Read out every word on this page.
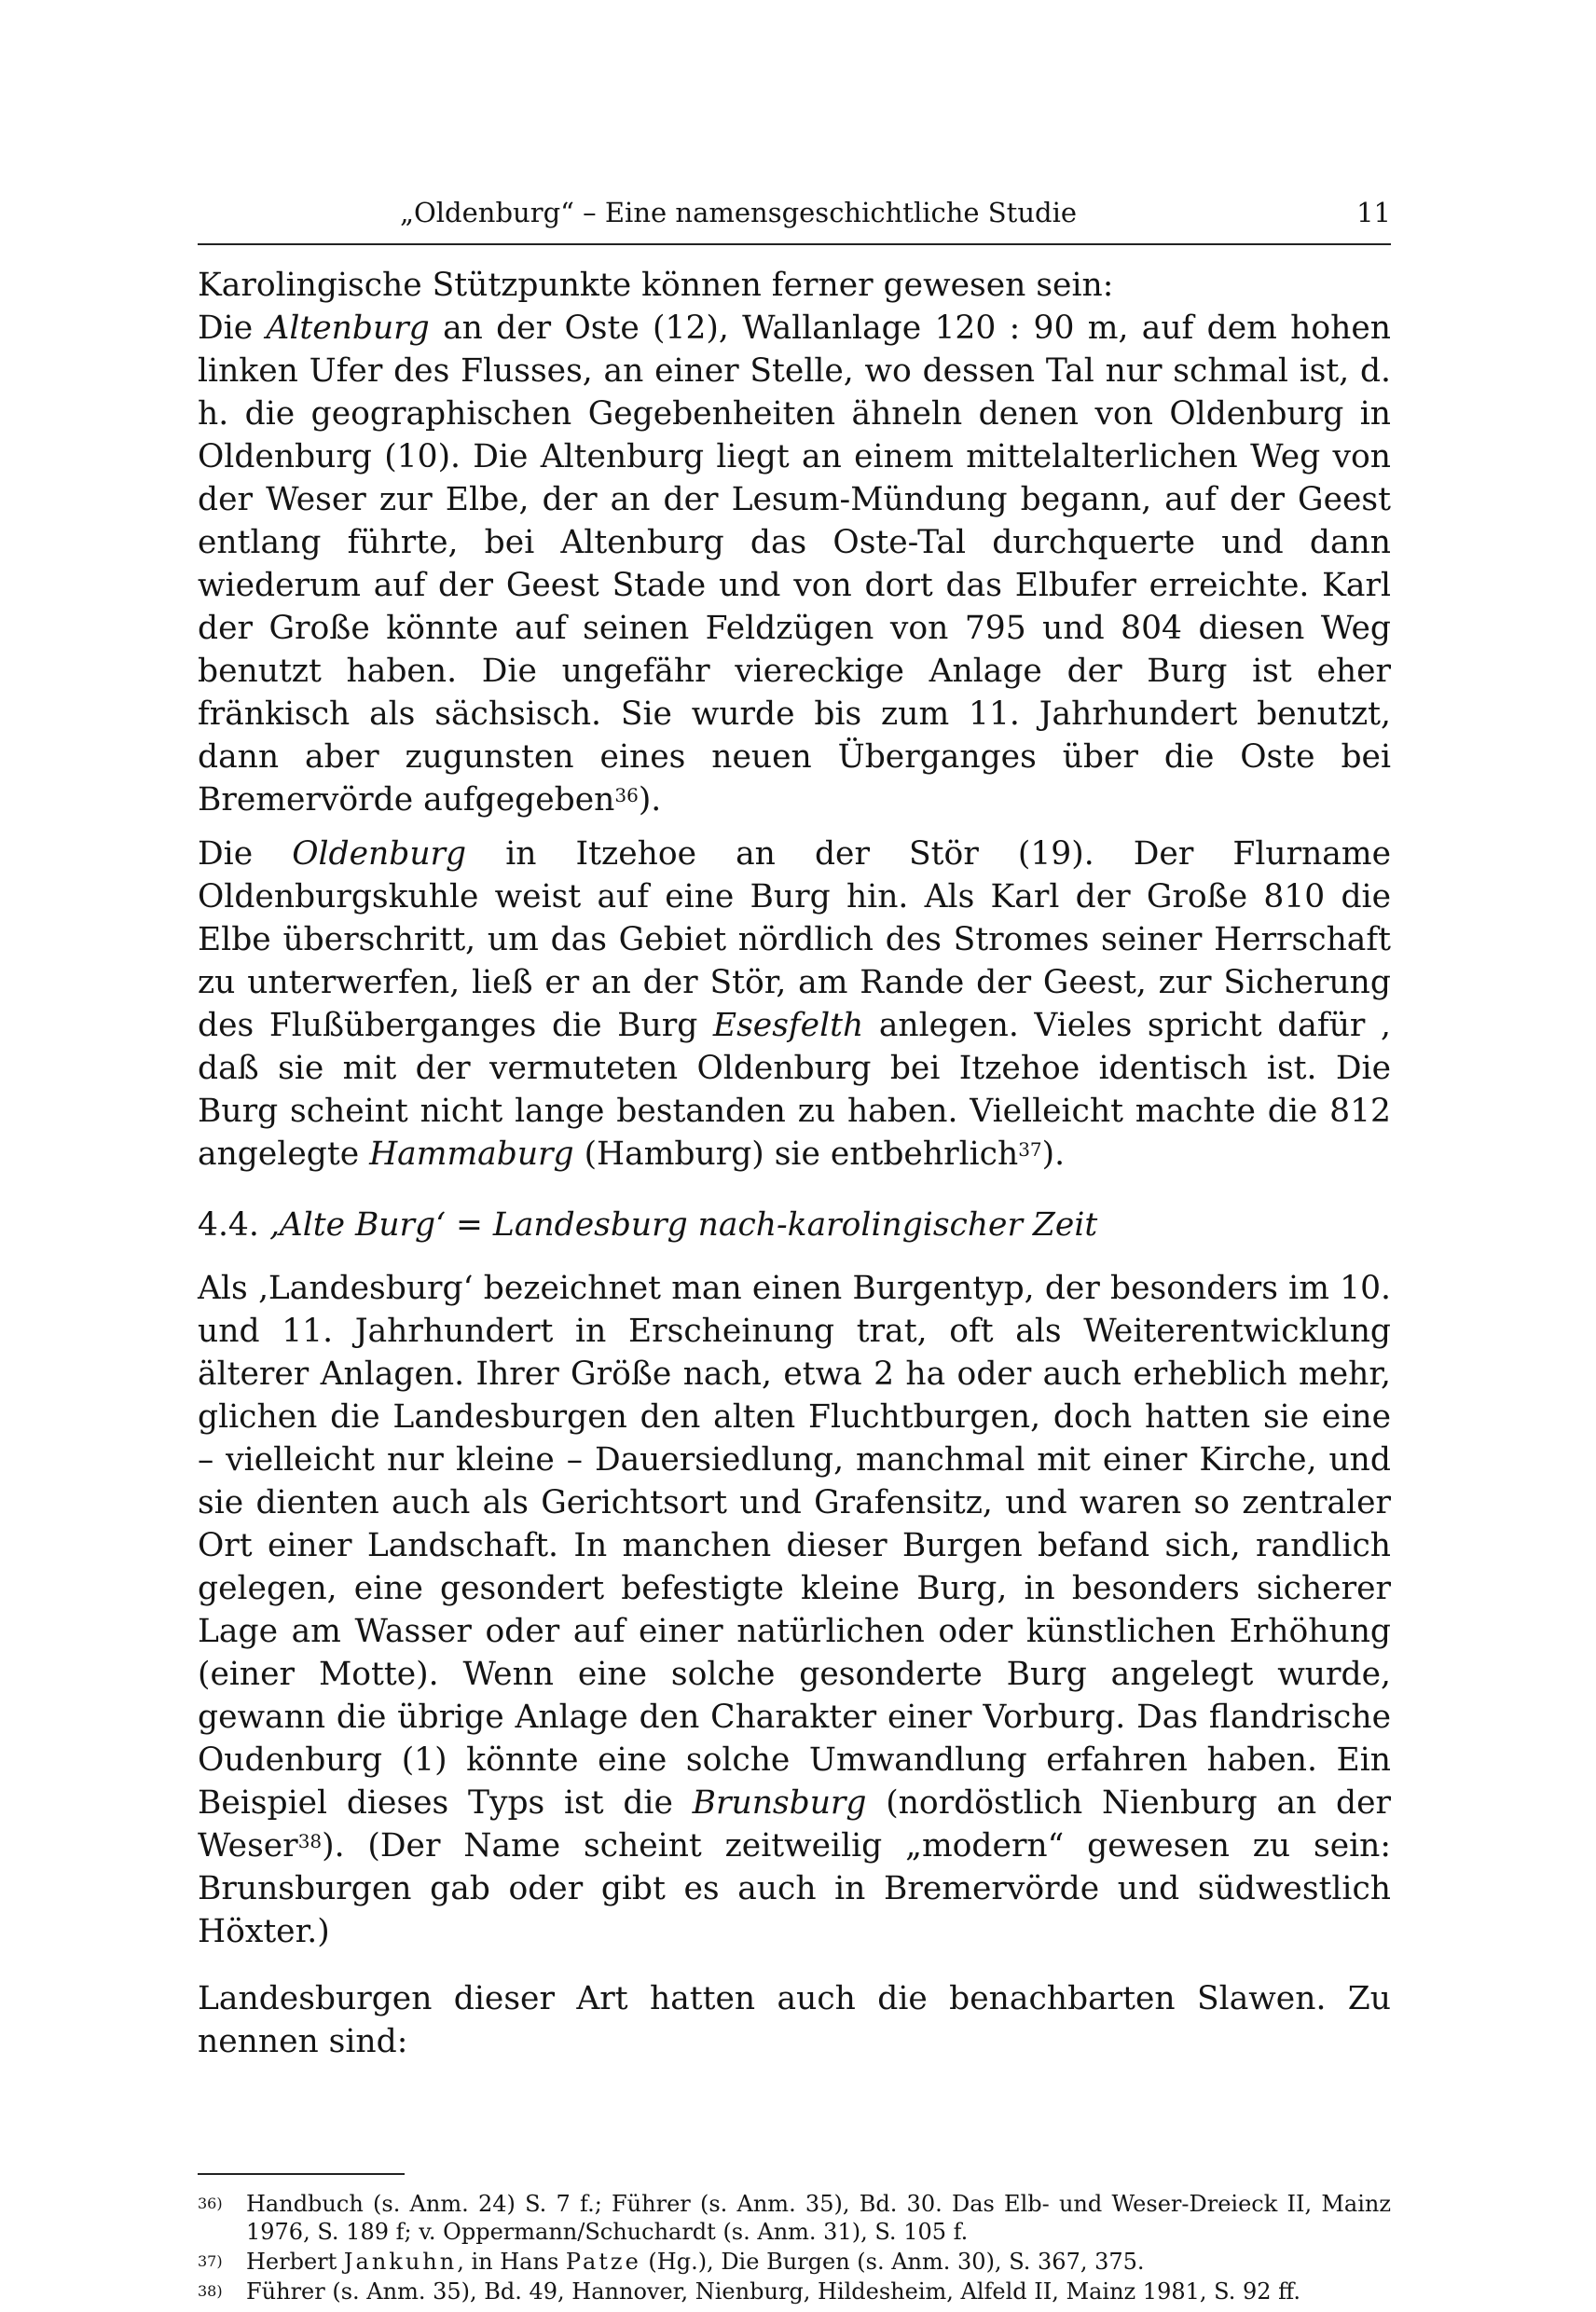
„Oldenburg“ – Eine namensgeschichtliche Studie	11

Karolingische Stützpunkte können ferner gewesen sein:
Die Altenburg an der Oste (12), Wallanlage 120 : 90 m, auf dem hohen linken Ufer des Flusses, an einer Stelle, wo dessen Tal nur schmal ist, d. h. die geographischen Gegebenheiten ähneln denen von Oldenburg in Oldenburg (10). Die Altenburg liegt an einem mittelalterlichen Weg von der Weser zur Elbe, der an der Lesum-Mündung begann, auf der Geest entlang führte, bei Altenburg das Oste-Tal durchquerte und dann wiederum auf der Geest Stade und von dort das Elbufer erreichte. Karl der Große könnte auf seinen Feldzügen von 795 und 804 diesen Weg benutzt haben. Die ungefähr viereckige Anlage der Burg ist eher fränkisch als sächsisch. Sie wurde bis zum 11. Jahrhundert benutzt, dann aber zugunsten eines neuen Überganges über die Oste bei Bremervörde aufgegeben$^{36}$).

Die Oldenburg in Itzehoe an der Stör (19). Der Flurname Oldenburgskuhle weist auf eine Burg hin. Als Karl der Große 810 die Elbe überschritt, um das Gebiet nördlich des Stromes seiner Herrschaft zu unterwerfen, ließ er an der Stör, am Rande der Geest, zur Sicherung des Flußüberganges die Burg Esesfelth anlegen. Vieles spricht dafür , daß sie mit der vermuteten Oldenburg bei Itzehoe identisch ist. Die Burg scheint nicht lange bestanden zu haben. Vielleicht machte die 812 angelegte Hammaburg (Hamburg) sie entbehrlich$^{37}$).

4.4. ‚Alte Burg‘ = Landesburg nach-karolingischer Zeit

Als ‚Landesburg‘ bezeichnet man einen Burgentyp, der besonders im 10. und 11. Jahrhundert in Erscheinung trat, oft als Weiterentwicklung älterer Anlagen. Ihrer Größe nach, etwa 2 ha oder auch erheblich mehr, glichen die Landesburgen den alten Fluchtburgen, doch hatten sie eine – vielleicht nur kleine – Dauersiedlung, manchmal mit einer Kirche, und sie dienten auch als Gerichtsort und Grafensitz, und waren so zentraler Ort einer Landschaft. In manchen dieser Burgen befand sich, randlich gelegen, eine gesondert befestigte kleine Burg, in besonders sicherer Lage am Wasser oder auf einer natürlichen oder künstlichen Erhöhung (einer Motte). Wenn eine solche gesonderte Burg angelegt wurde, gewann die übrige Anlage den Charakter einer Vorburg. Das flandrische Oudenburg (1) könnte eine solche Umwandlung erfahren haben. Ein Beispiel dieses Typs ist die Brunsburg (nordöstlich Nienburg an der Weser$^{38}$). (Der Name scheint zeitweilig „modern“ gewesen zu sein: Brunsburgen gab oder gibt es auch in Bremervörde und südwestlich Höxter.)

Landesburgen dieser Art hatten auch die benachbarten Slawen. Zu nennen sind:

36) Handbuch (s. Anm. 24) S. 7 f.; Führer (s. Anm. 35), Bd. 30. Das Elb- und Weser-Dreieck II, Mainz 1976, S. 189 f; v. Oppermann/Schuchardt (s. Anm. 31), S. 105 f.
37) Herbert Jankuhn, in Hans Patze (Hg.), Die Burgen (s. Anm. 30), S. 367, 375.
38) Führer (s. Anm. 35), Bd. 49, Hannover, Nienburg, Hildesheim, Alfeld II, Mainz 1981, S. 92 ff.
